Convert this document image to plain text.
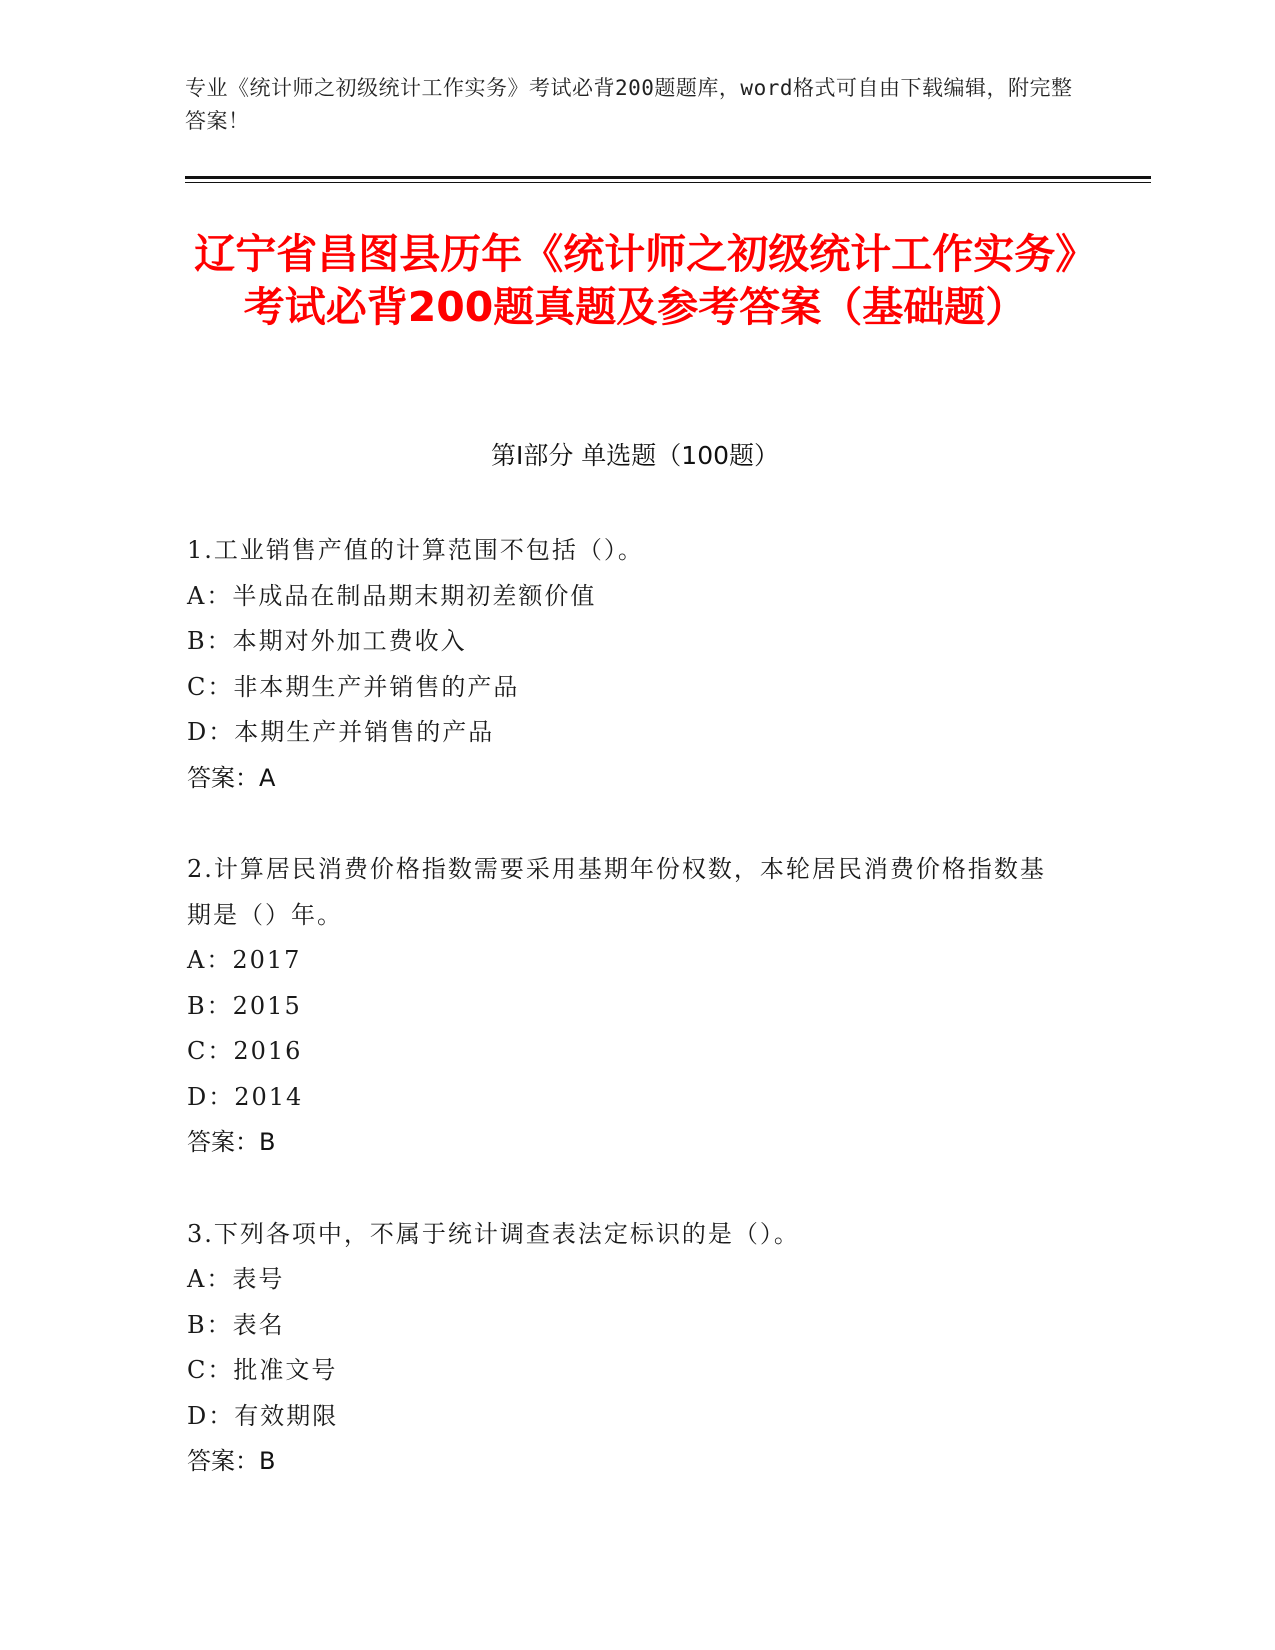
专业《统计师之初级统计工作实务》考试必背200题题库，word格式可自由下载编辑，附完整答案！
辽宁省昌图县历年《统计师之初级统计工作实务》考试必背200题真题及参考答案（基础题）
第I部分 单选题（100题）
1.工业销售产值的计算范围不包括（）。
A：半成品在制品期末期初差额价值
B：本期对外加工费收入
C：非本期生产并销售的产品
D：本期生产并销售的产品
答案：A
2.计算居民消费价格指数需要采用基期年份权数，本轮居民消费价格指数基期是（）年。
A：2017
B：2015
C：2016
D：2014
答案：B
3.下列各项中，不属于统计调查表法定标识的是（）。
A：表号
B：表名
C：批准文号
D：有效期限
答案：B
